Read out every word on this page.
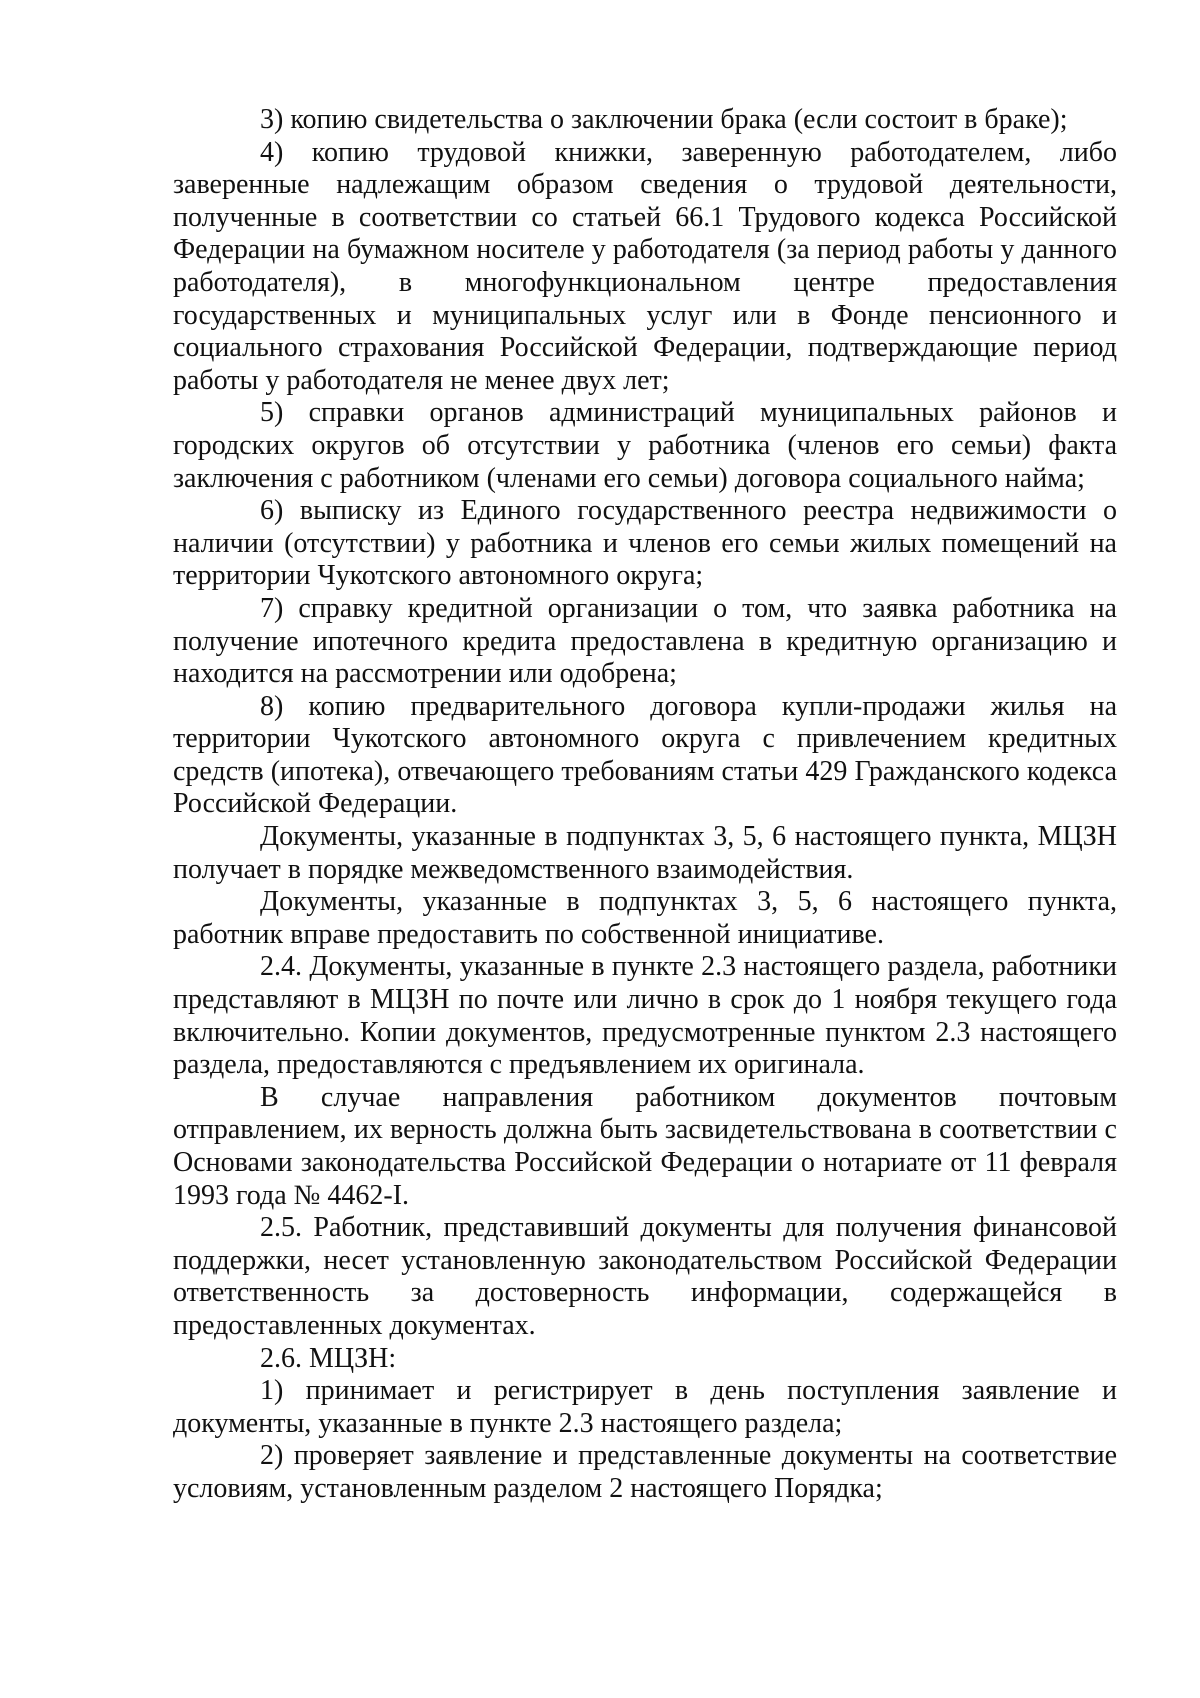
3) копию свидетельства о заключении брака (если состоит в браке);

4) копию трудовой книжки, заверенную работодателем, либо заверенные надлежащим образом сведения о трудовой деятельности, полученные в соответствии со статьей 66.1 Трудового кодекса Российской Федерации на бумажном носителе у работодателя (за период работы у данного работодателя), в многофункциональном центре предоставления государственных и муниципальных услуг или в Фонде пенсионного и социального страхования Российской Федерации, подтверждающие период работы у работодателя не менее двух лет;

5) справки органов администраций муниципальных районов и городских округов об отсутствии у работника (членов его семьи) факта заключения с работником (членами его семьи) договора социального найма;

6) выписку из Единого государственного реестра недвижимости о наличии (отсутствии) у работника и членов его семьи жилых помещений на территории Чукотского автономного округа;

7) справку кредитной организации о том, что заявка работника на получение ипотечного кредита предоставлена в кредитную организацию и находится на рассмотрении или одобрена;

8) копию предварительного договора купли-продажи жилья на территории Чукотского автономного округа с привлечением кредитных средств (ипотека), отвечающего требованиям статьи 429 Гражданского кодекса Российской Федерации.

Документы, указанные в подпунктах 3, 5, 6 настоящего пункта, МЦЗН получает в порядке межведомственного взаимодействия.

Документы, указанные в подпунктах 3, 5, 6 настоящего пункта, работник вправе предоставить по собственной инициативе.

2.4. Документы, указанные в пункте 2.3 настоящего раздела, работники представляют в МЦЗН по почте или лично в срок до 1 ноября текущего года включительно. Копии документов, предусмотренные пунктом 2.3 настоящего раздела, предоставляются с предъявлением их оригинала.

В случае направления работником документов почтовым отправлением, их верность должна быть засвидетельствована в соответствии с Основами законодательства Российской Федерации о нотариате от 11 февраля 1993 года № 4462-I.

2.5. Работник, представивший документы для получения финансовой поддержки, несет установленную законодательством Российской Федерации ответственность за достоверность информации, содержащейся в предоставленных документах.

2.6. МЦЗН:

1) принимает и регистрирует в день поступления заявление и документы, указанные в пункте 2.3 настоящего раздела;

2) проверяет заявление и представленные документы на соответствие условиям, установленным разделом 2 настоящего Порядка;
